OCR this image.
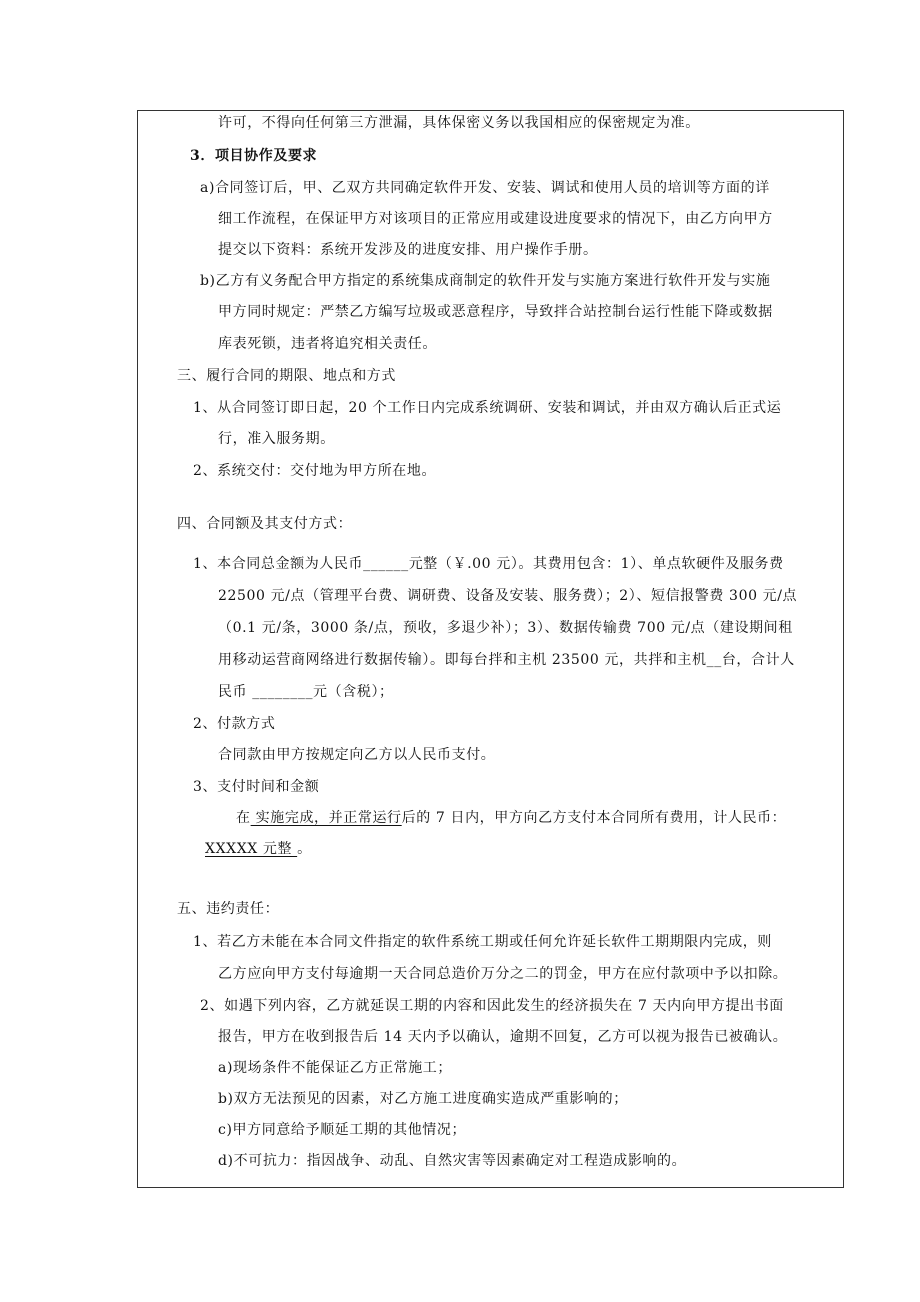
许可，不得向任何第三方泄漏，具体保密义务以我国相应的保密规定为准。
3．项目协作及要求
a)合同签订后，甲、乙双方共同确定软件开发、安装、调试和使用人员的培训等方面的详
细工作流程，在保证甲方对该项目的正常应用或建设进度要求的情况下，由乙方向甲方
提交以下资料：系统开发涉及的进度安排、用户操作手册。
b)乙方有义务配合甲方指定的系统集成商制定的软件开发与实施方案进行软件开发与实施
甲方同时规定：严禁乙方编写垃圾或恶意程序，导致拌合站控制台运行性能下降或数据
库表死锁，违者将追究相关责任。
三、履行合同的期限、地点和方式
1、从合同签订即日起，20 个工作日内完成系统调研、安装和调试，并由双方确认后正式运
行，准入服务期。
2、系统交付：交付地为甲方所在地。
四、合同额及其支付方式：
1、本合同总金额为人民币______元整（￥.00 元）。其费用包含：1）、单点软硬件及服务费
22500 元/点（管理平台费、调研费、设备及安装、服务费）；2）、短信报警费 300 元/点
（0.1 元/条，3000 条/点，预收，多退少补）；3）、数据传输费 700 元/点（建设期间租
用移动运营商网络进行数据传输）。即每台拌和主机 23500 元，共拌和主机__台，合计人
民币 ________元（含税）；
2、付款方式
合同款由甲方按规定向乙方以人民币支付。
3、支付时间和金额
在 实施完成，并正常运行后的 7 日内，甲方向乙方支付本合同所有费用，计人民币：
XXXXX 元整 。
五、违约责任：
1、若乙方未能在本合同文件指定的软件系统工期或任何允许延长软件工期期限内完成，则
乙方应向甲方支付每逾期一天合同总造价万分之二的罚金，甲方在应付款项中予以扣除。
2、如遇下列内容，乙方就延误工期的内容和因此发生的经济损失在 7 天内向甲方提出书面
报告，甲方在收到报告后 14 天内予以确认，逾期不回复，乙方可以视为报告已被确认。
a)现场条件不能保证乙方正常施工；
b)双方无法预见的因素，对乙方施工进度确实造成严重影响的；
c)甲方同意给予顺延工期的其他情况；
d)不可抗力：指因战争、动乱、自然灾害等因素确定对工程造成影响的。
